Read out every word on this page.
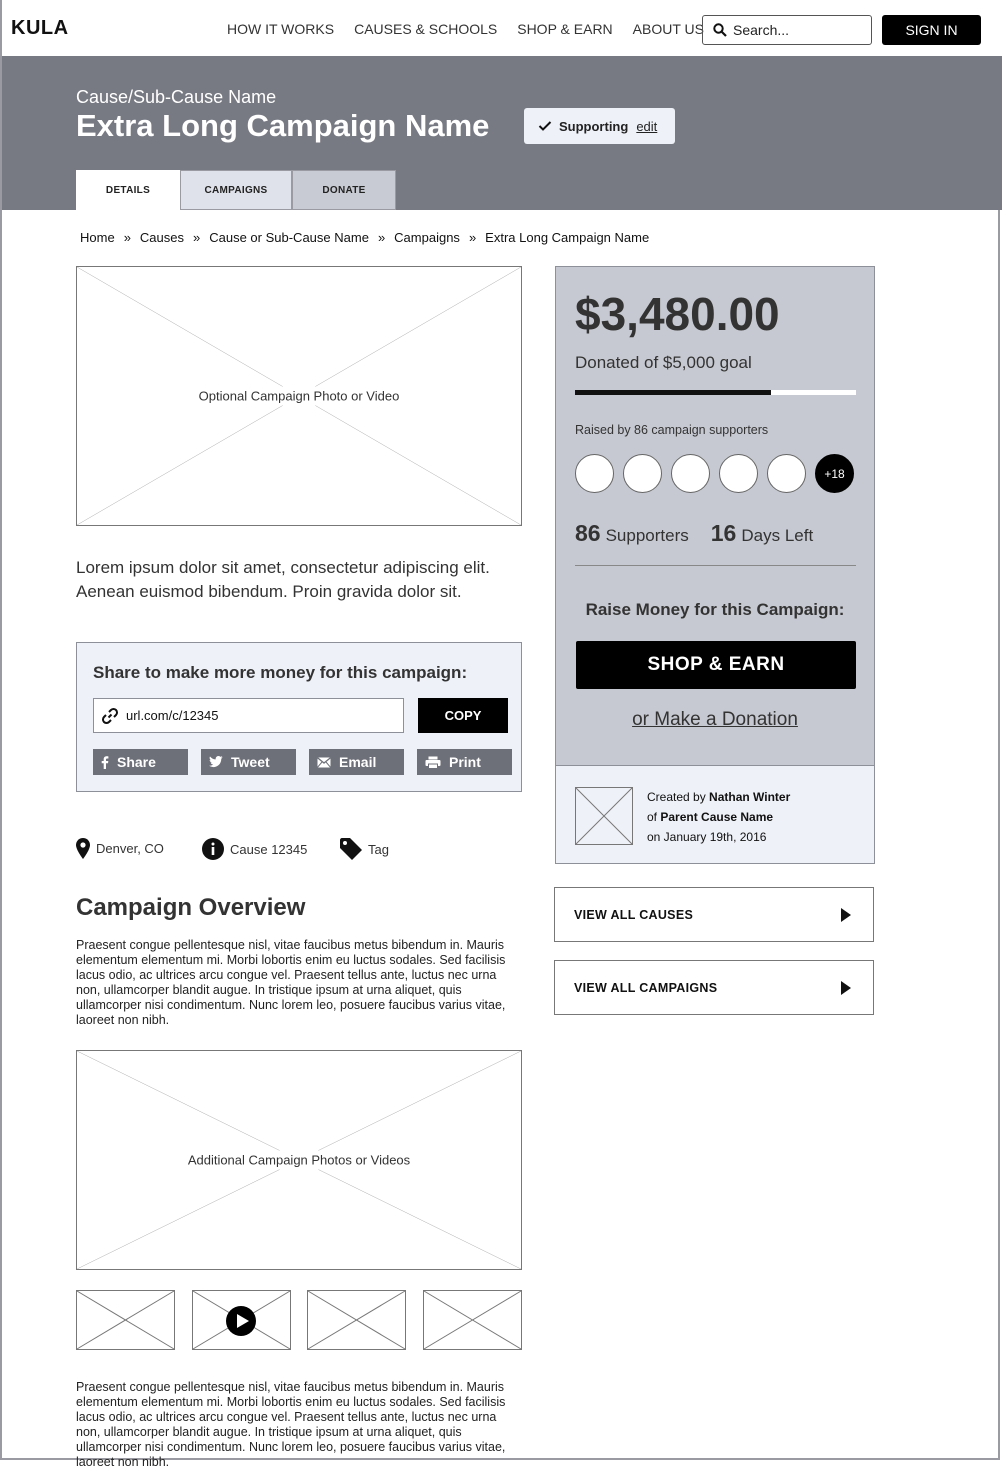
KULA	HOW IT WORKS CAUSES & SCHOOLS SHOP & EARN ABOUT US Search...	SIGN IN
Cause/Sub-Cause Name
Extra Long Campaign Name	Supporting edit
DETAILS	CAMPAIGNS	DONATE
Home » Causes » Cause or Sub-Cause Name » Campaigns » Extra Long Campaign Name
Optional Campaign Photo or Video
Lorem ipsum dolor sit amet, consectetur adipiscing elit. Aenean euismod bibendum. Proin gravida dolor sit.
Share to make more money for this campaign:
url.com/c/12345	COPY
Share	Tweet	Email	Print
Denver, CO	Cause 12345	Tag
Campaign Overview
Praesent congue pellentesque nisl, vitae faucibus metus bibendum in. Mauris elementum elementum mi. Morbi lobortis enim eu luctus sodales. Sed facilisis lacus odio, ac ultrices arcu congue vel. Praesent tellus ante, luctus nec urna non, ullamcorper blandit augue. In tristique ipsum at urna aliquet, quis ullamcorper nisi condimentum. Nunc lorem leo, posuere faucibus varius vitae, laoreet non nibh.
Additional Campaign Photos or Videos
Praesent congue pellentesque nisl, vitae faucibus metus bibendum in. Mauris elementum elementum mi. Morbi lobortis enim eu luctus sodales. Sed facilisis lacus odio, ac ultrices arcu congue vel. Praesent tellus ante, luctus nec urna non, ullamcorper blandit augue. In tristique ipsum at urna aliquet, quis ullamcorper nisi condimentum. Nunc lorem leo, posuere faucibus varius vitae, laoreet non nibh.
$3,480.00
Donated of $5,000 goal
Raised by 86 campaign supporters
+18
86 Supporters 16 Days Left
Raise Money for this Campaign:
SHOP & EARN
or Make a Donation
Created by Nathan Winter
of Parent Cause Name
on January 19th, 2016
VIEW ALL CAUSES
VIEW ALL CAMPAIGNS
